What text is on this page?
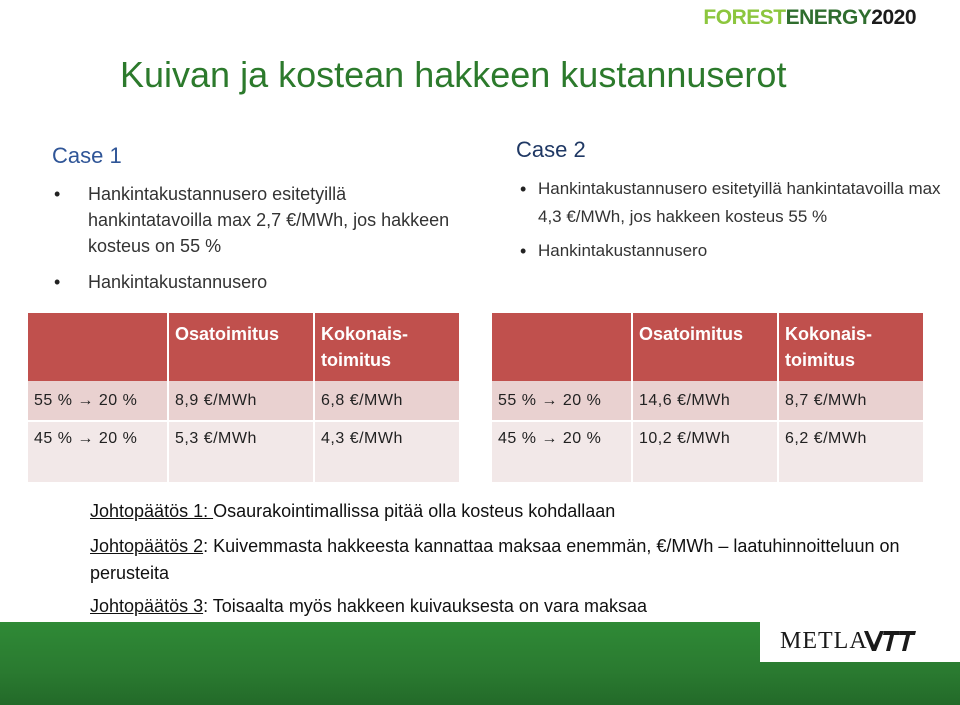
FORESTENERGY2020
Kuivan ja kostean hakkeen kustannuserot
Case 1
• Hankintakustannusero esitetyillä hankintatavoilla max 2,7 €/MWh, jos hakkeen kosteus on 55 %
• Hankintakustannusero
Case 2
• Hankintakustannusero esitetyillä hankintatavoilla max 4,3 €/MWh, jos hakkeen kosteus 55 %
• Hankintakustannusero
	Osatoimitus	Kokonais-toimitus
55 % → 20 %	8,9 €/MWh	6,8 €/MWh
45 % → 20 %	5,3 €/MWh	4,3 €/MWh
	Osatoimitus	Kokonais-toimitus
55 % → 20 %	14,6 €/MWh	8,7 €/MWh
45 % → 20 %	10,2 €/MWh	6,2 €/MWh

Johtopäätös 1: Osaurakointimallissa pitää olla kosteus kohdallaan

Johtopäätös 2: Kuivemmasta hakkeesta kannattaa maksaa enemmän, €/MWh – laatuhinnoitteluun on perusteita

Johtopäätös 3: Toisaalta myös hakkeen kuivauksesta on vara maksaa

METLA
